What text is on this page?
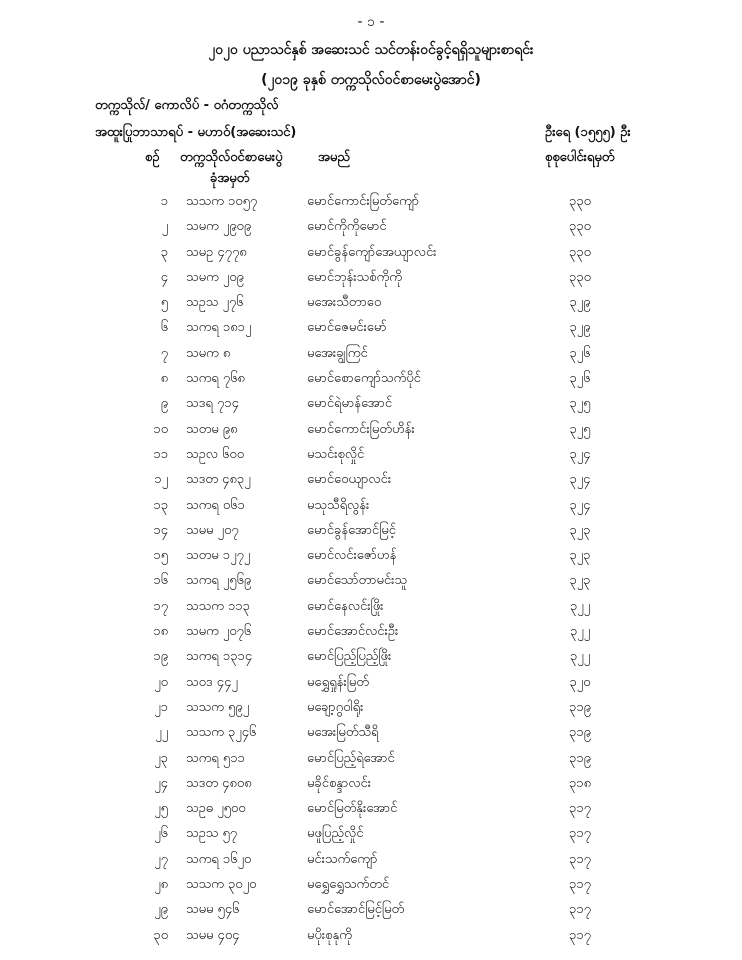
- ၁ -
၂၀၂၀ ပညာသင်နှစ် အဆေးသင် သင်တန်းဝင်ခွင့်ရရှိသူများစာရင်း
(၂၀၁၉ ခုနှစ် တက္ကသိုလ်ဝင်စာမေးပွဲအောင်)
တက္ကသိုလ်/ ကောလိပ် - ဝဂံတက္ကသိုလ်
အထူးပြုဘာသာရပ် - မဟာဝ်(အဆေးသင်)	ဦးရေ (၁၅၅၅) ဦး
စဉ် တက္ကသိုလ်ဝင်စာမေးပွဲ
ခုံအမှတ်
အမည်	စုစုပေါင်းရမှတ်
၁ သသက ၁၀၅၇	မောင်ကောင်းမြတ်ကျော်	၃၃၀
၂ သမက ၂၉၀၉	မောင်ကိုကိုမောင်	၃၃၀
၃ သမဥ ၄၇၇၈	မောင်ခွန်ကျော်အေယျာလင်း	၃၃၀
၄ သမက ၂၀၉	မောင်ဘုန်းသစ်ကိုကို	၃၃၀
၅ သဥသ ၂၇၆	မအေးသီတာဝေ	၃၂၉
၆ သကရ ၁၈၁၂	မောင်ဇေမင်းမော်	၃၂၉
၇ သမက ၈	မအေးချွကြင်	၃၂၆
၈ သကရ ၇၆၈	မောင်စောကျော်သက်ပိုင်	၃၂၆
၉ သဒရ ၇၁၄	မောင်ရဲမာန်အောင်	၃၂၅
၁၀ သတမ ၉၈	မောင်ကောင်းမြတ်ဟိန်း	၃၂၅
၁၁ သဥလ ၆၀၀	မသင်းစုလှိုင်	၃၂၄
၁၂ သဒတ ၄၈၃၂	မောင်ဝေယျာလင်း	၃၂၄
၁၃ သကရ ၀၆၁	မသုသီရိလွန်း	၃၂၄
၁၄ သမမ ၂၀၇	မောင်ခွန်အောင်မြင့်	၃၂၃
၁၅ သတမ ၁၂၇၂	မောင်လင်းဇော်ဟန်	၃၂၃
၁၆ သကရ ၂၅၆၉	မောင်သော်တာမင်းသူ	၃၂၃
၁၇ သသက ၁၁၃	မောင်နေလင်းဖြိုး	၃၂၂
၁၈ သမက ၂၀၇၆	မောင်အောင်လင်းဦး	၃၂၂
၁၉ သကရ ၁၃၁၄	မောင်ပြည့်ပြည့်ဖြိုး	၃၂၂
၂၀ သဝဒ ၄၄၂	မရွှေရှုန်းမြတ်	၃၂၀
၂၁ သသက ၅၉၂	မချော့ဂွဝါရိုး	၃၁၉
၂၂ သသက ၃၂၄၆	မအေးမြတ်သီရိ	၃၁၉
၂၃ သကရ ၅၁၁	မောင်ပြည့်ရဲအောင်	၃၁၉
၂၄ သဒတ ၄၈၀၈	မခိုင်စန္ဒာလင်း	၃၁၈
၂၅ သဥဓ ၂၅၀၀	မောင်မြတ်နိုးအောင်	၃၁၇
၂၆ သဥသ ၅၇	မဖူပြည့်လှိုင်	၃၁၇
၂၇ သကရ ၁၆၂၀	မင်းသက်ကျော်	၃၁၇
၂၈ သသက ၃၀၂၀	မရွှေရွှေသက်တင်	၃၁၇
၂၉ သမမ ၅၄၆	မောင်အောင်မြင့်မြတ်	၃၁၇
၃၀ သမမ ၄၀၄	မပိုးစုနုကို	၃၁၇
